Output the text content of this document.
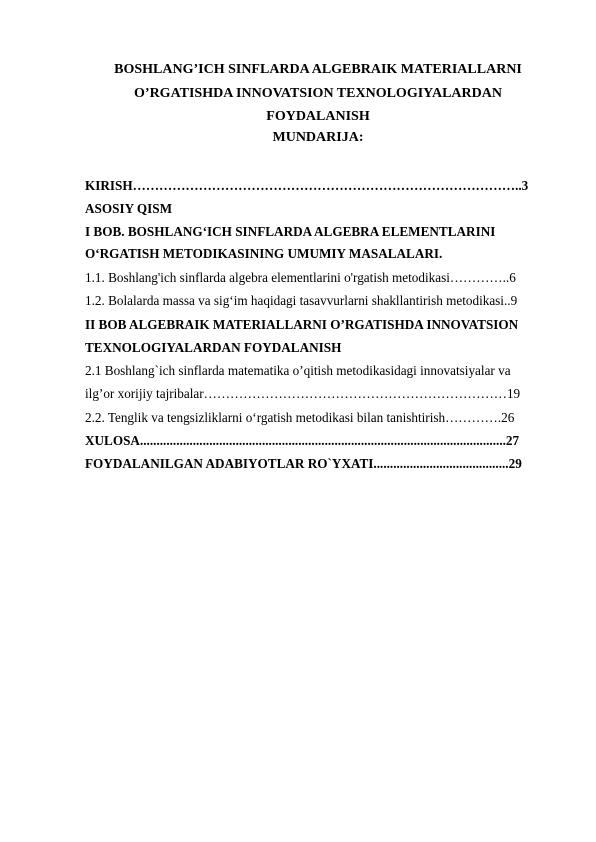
BOSHLANG’ICH SINFLARDA ALGEBRAIK MATERIALLARNI
O’RGATISHDA INNOVATSION TEXNOLOGIYALARDAN
FOYDALANISH
MUNDARIJA:
KIRISH……………………………………………………………………………..3
ASOSIY QISM
I BOB. BOSHLANG‘ICH SINFLARDA ALGEBRA ELEMENTLARINI
O‘RGATISH METODIKASINING UMUMIY MASALALARI.
1.1. Boshlang'ich sinflarda algebra elementlarini o'rgatish metodikasi…………..6
1.2. Bolalarda massa va sig‘im haqidagi tasavvurlarni shakllantirish metodikasi..9
II BOB ALGEBRAIK MATERIALLARNI O’RGATISHDA INNOVATSION
TEXNOLOGIYALARDAN FOYDALANISH
2.1 Boshlang`ich sinflarda matematika o’qitish metodikasidagi innovatsiyalar va
ilg’or xorijiy tajribalar……………………………………………………………19
2.2. Tenglik va tengsizliklarni o‘rgatish metodikasi bilan tanishtirish………….26
XULOSA...............................................................................................................27
FOYDALANILGAN ADABIYOTLAR RO`YXATI.........................................29
